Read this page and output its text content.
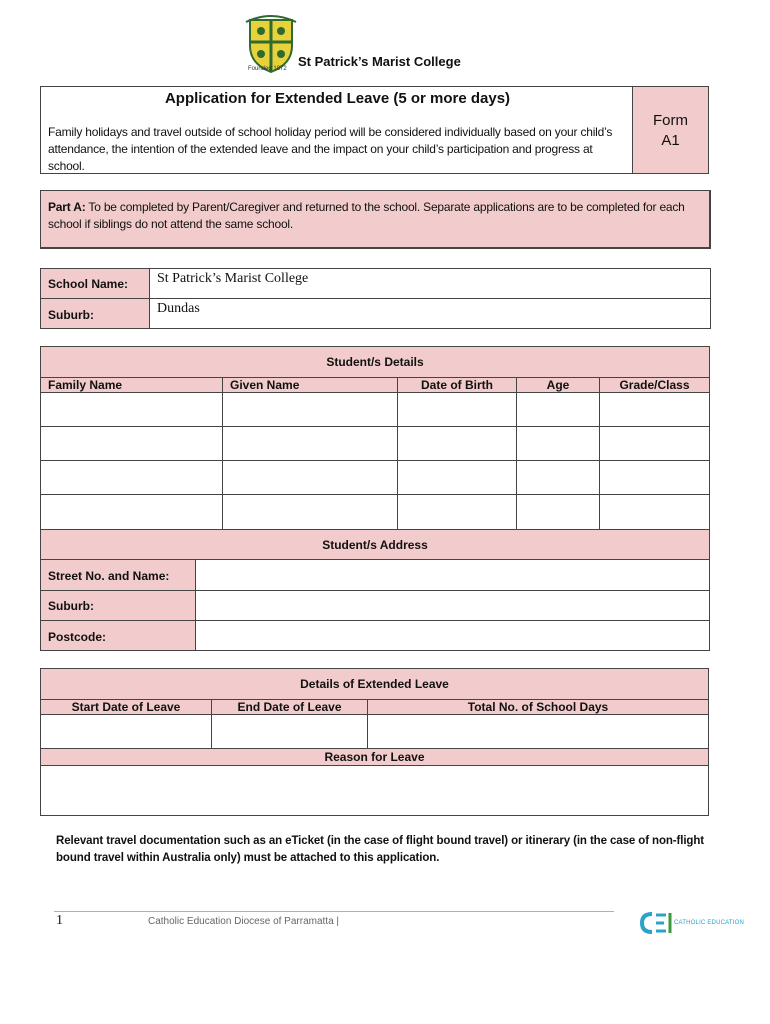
Founded 1872 St Patrick’s Marist College
Application for Extended Leave (5 or more days)
Family holidays and travel outside of school holiday period will be considered individually based on your child’s attendance, the intention of the extended leave and the impact on your child’s participation and progress at school.
Form
A1
Part A: To be completed by Parent/Caregiver and returned to the school. Separate applications are to be completed for each school if siblings do not attend the same school.
School Name: St Patrick’s Marist College
Suburb:	Dundas
Student/s Details
Family Name	Given Name	Date of Birth	Age	Grade/Class
Student/s Address
Street No. and Name:
Suburb:
Postcode:
Details of Extended Leave
Start Date of Leave	End Date of Leave	Total No. of School Days
Reason for Leave
Relevant travel documentation such as an eTicket (in the case of flight bound travel) or itinerary (in the case of non-flight bound travel within Australia only) must be attached to this application.
1	Catholic Education Diocese of Parramatta |	CATHOLIC EDUCATION
